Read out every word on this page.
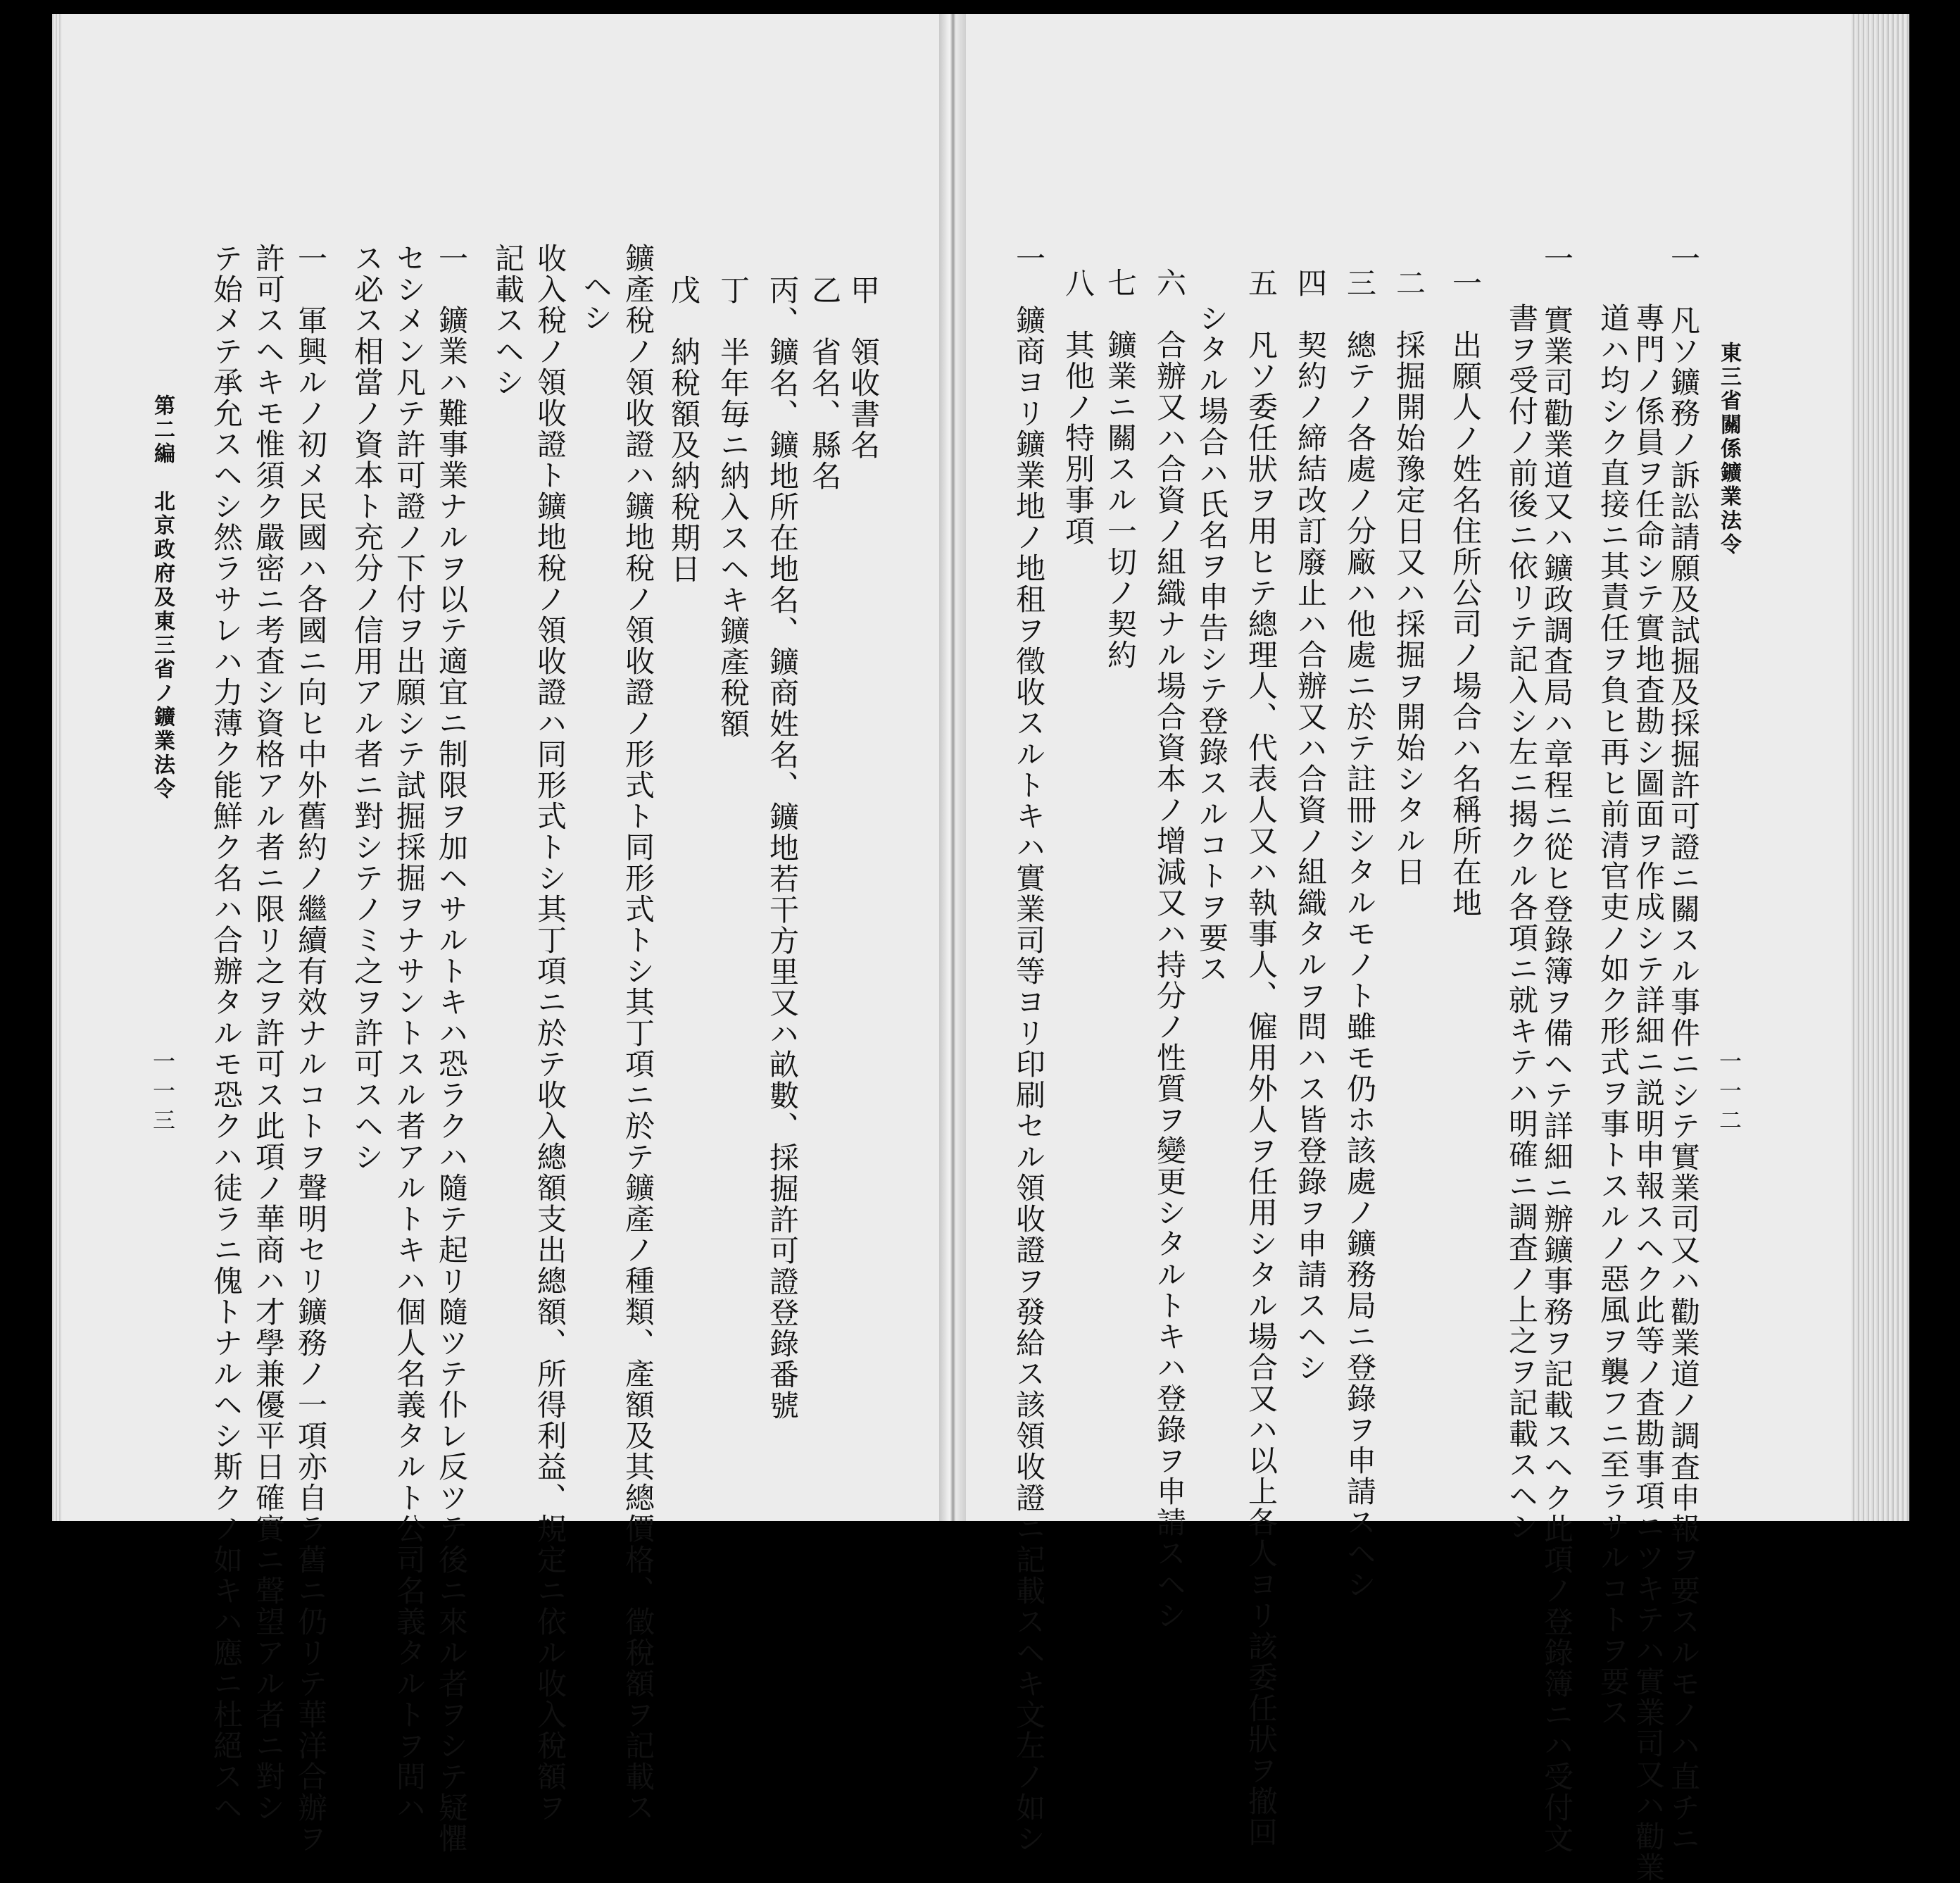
東三省關係鑛業法令
一一二
一　凡ソ鑛務ノ訴訟請願及試掘及採掘許可證ニ關スル事件ニシテ實業司又ハ勸業道ノ調査申報ヲ要スルモノハ直チニ
專門ノ係員ヲ任命シテ實地査勘シ圖面ヲ作成シテ詳細ニ説明申報スヘク此等ノ査勘事項ニツキテハ實業司又ハ勸業
道ハ均シク直接ニ其責任ヲ負ヒ再ヒ前清官吏ノ如ク形式ヲ事トスルノ惡風ヲ襲フニ至ラサルコトヲ要ス
一　實業司勸業道又ハ鑛政調査局ハ章程ニ從ヒ登錄簿ヲ備ヘテ詳細ニ辦鑛事務ヲ記載スヘク此項ノ登錄簿ニハ受付文
書ヲ受付ノ前後ニ依リテ記入シ左ニ揭クル各項ニ就キテハ明確ニ調査ノ上之ヲ記載スヘシ
一　出願人ノ姓名住所公司ノ場合ハ名稱所在地
二　採掘開始豫定日又ハ採掘ヲ開始シタル日
三　總テノ各處ノ分廠ハ他處ニ於テ註冊シタルモノト雖モ仍ホ該處ノ鑛務局ニ登錄ヲ申請スヘシ
四　契約ノ締結改訂廢止ハ合辦又ハ合資ノ組織タルヲ問ハス皆登錄ヲ申請スヘシ
五　凡ソ委任狀ヲ用ヒテ總理人、代表人又ハ執事人、僱用外人ヲ任用シタル場合又ハ以上各人ヨリ該委任狀ヲ撤回
シタル場合ハ氏名ヲ申告シテ登錄スルコトヲ要ス
六　合辦又ハ合資ノ組織ナル場合資本ノ增減又ハ持分ノ性質ヲ變更シタルトキハ登錄ヲ申請スヘシ
七　鑛業ニ關スル一切ノ契約
八　其他ノ特別事項
一　鑛商ヨリ鑛業地ノ地租ヲ徵收スルトキハ實業司等ヨリ印刷セル領收證ヲ發給ス該領收證ニ記載スヘキ文左ノ如シ
甲　領收書名
乙　省名、縣名
丙、鑛名、鑛地所在地名、鑛商姓名、鑛地若干方里又ハ畝數、採掘許可證登錄番號
丁　半年毎ニ納入スヘキ鑛產稅額
戊　納稅額及納稅期日
鑛產稅ノ領收證ハ鑛地稅ノ領收證ノ形式ト同形式トシ其丁項ニ於テ鑛產ノ種類、產額及其總價格、徵稅額ヲ記載ス
ヘシ
收入稅ノ領收證ト鑛地稅ノ領收證ハ同形式トシ其丁項ニ於テ收入總額支出總額、所得利益、規定ニ依ル收入稅額ヲ
記載スヘシ
一　鑛業ハ難事業ナルヲ以テ適宜ニ制限ヲ加ヘサルトキハ恐ラクハ隨テ起リ隨ツテ仆レ反ツテ後ニ來ル者ヲシテ疑懼
セシメン凡テ許可證ノ下付ヲ出願シテ試掘採掘ヲナサントスル者アルトキハ個人名義タルト公司名義タルトヲ問ハ
ス必ス相當ノ資本ト充分ノ信用アル者ニ對シテノミ之ヲ許可スヘシ
一　軍興ルノ初メ民國ハ各國ニ向ヒ中外舊約ノ繼續有效ナルコトヲ聲明セリ鑛務ノ一項亦自ラ舊ニ仍リテ華洋合辦ヲ
許可スヘキモ惟須ク嚴密ニ考査シ資格アル者ニ限リ之ヲ許可ス此項ノ華商ハ才學兼優平日確實ニ聲望アル者ニ對シ
テ始メテ承允スヘシ然ラサレハ力薄ク能鮮ク名ハ合辦タルモ恐クハ徒ラニ傀トナルヘシ斯クノ如キハ應ニ杜絕スヘ
第二編　北京政府及東三省ノ鑛業法令
一一三
